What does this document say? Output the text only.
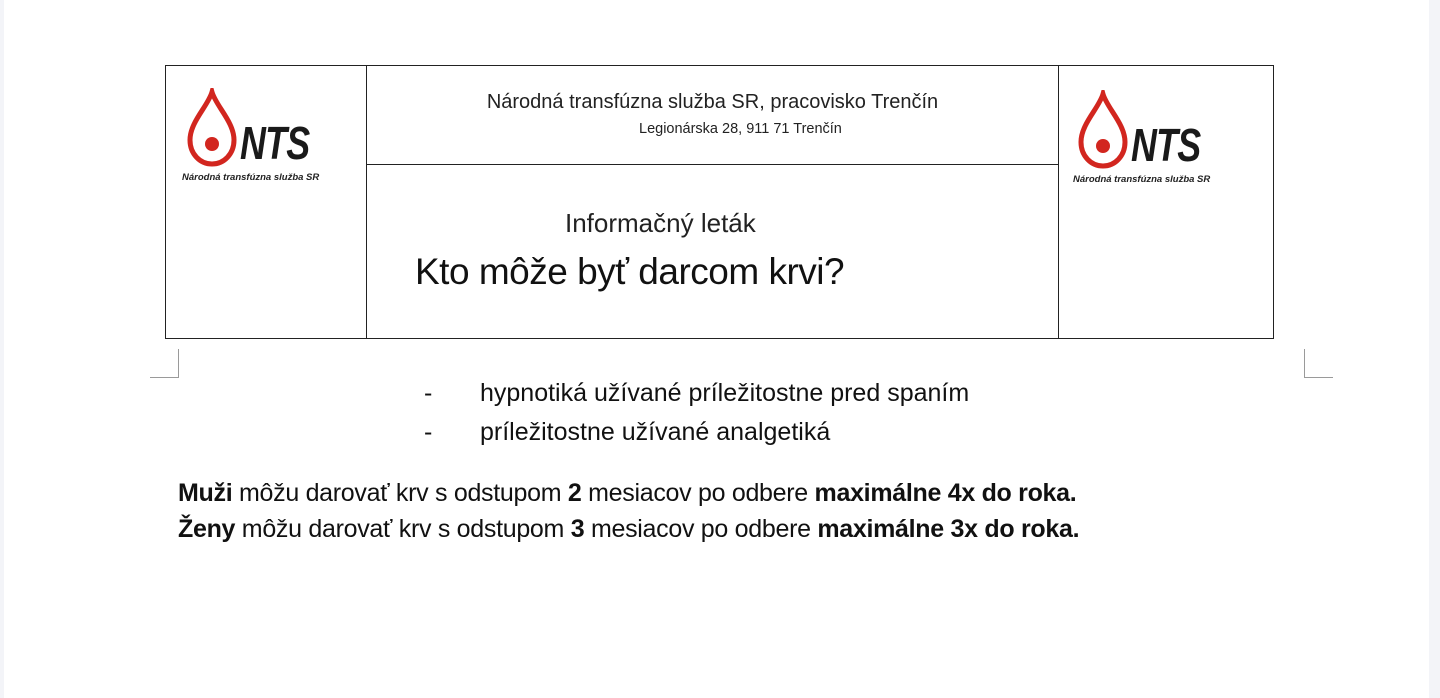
NTS
Národná transfúzna služba SR
Národná transfúzna služba SR, pracovisko Trenčín
Legionárska 28, 911 71 Trenčín
Informačný leták
Kto môže byť darcom krvi?
NTS
Národná transfúzna služba SR
- hypnotiká užívané príležitostne pred spaním
- príležitostne užívané analgetiká
Muži môžu darovať krv s odstupom 2 mesiacov po odbere maximálne 4x do roka.
Ženy môžu darovať krv s odstupom 3 mesiacov po odbere maximálne 3x do roka.
